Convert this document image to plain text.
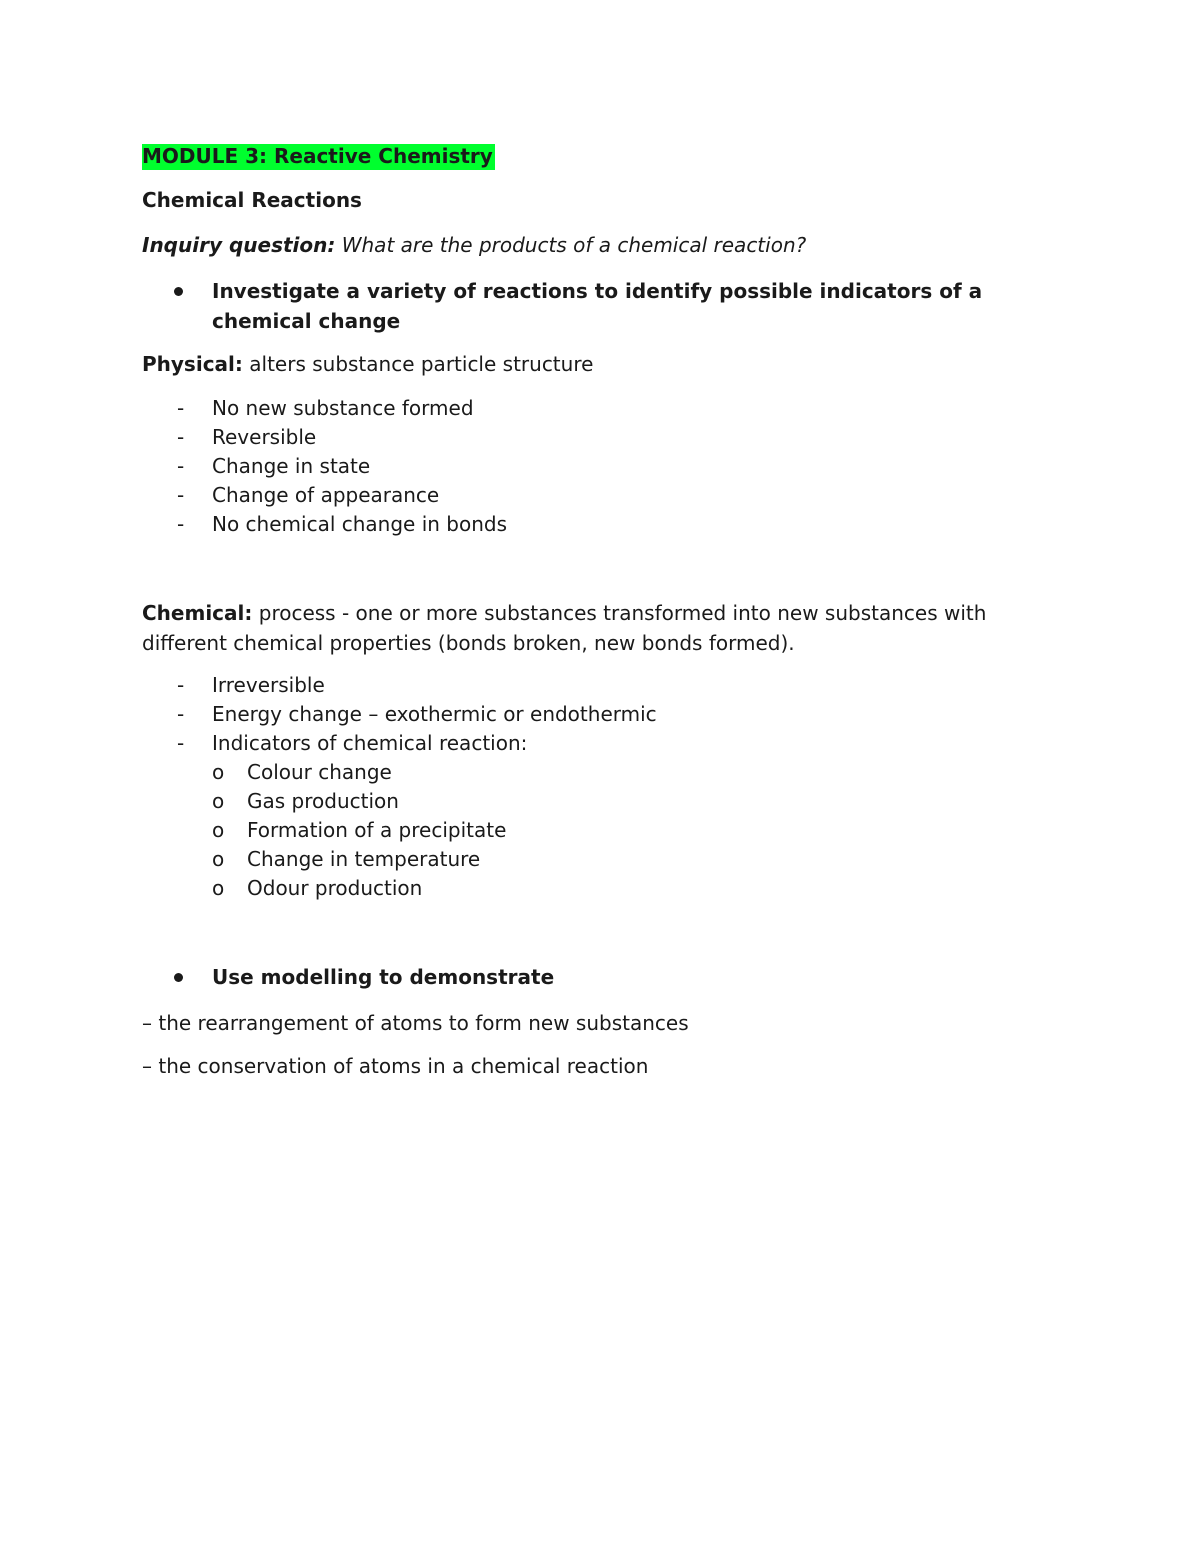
MODULE 3: Reactive Chemistry
Chemical Reactions
Inquiry question: What are the products of a chemical reaction?
Investigate a variety of reactions to identify possible indicators of a chemical change
Physical: alters substance particle structure
- No new substance formed
- Reversible
- Change in state
- Change of appearance
- No chemical change in bonds
Chemical: process - one or more substances transformed into new substances with different chemical properties (bonds broken, new bonds formed).
- Irreversible
- Energy change – exothermic or endothermic
- Indicators of chemical reaction:
o Colour change
o Gas production
o Formation of a precipitate
o Change in temperature
o Odour production
Use modelling to demonstrate
– the rearrangement of atoms to form new substances
– the conservation of atoms in a chemical reaction
